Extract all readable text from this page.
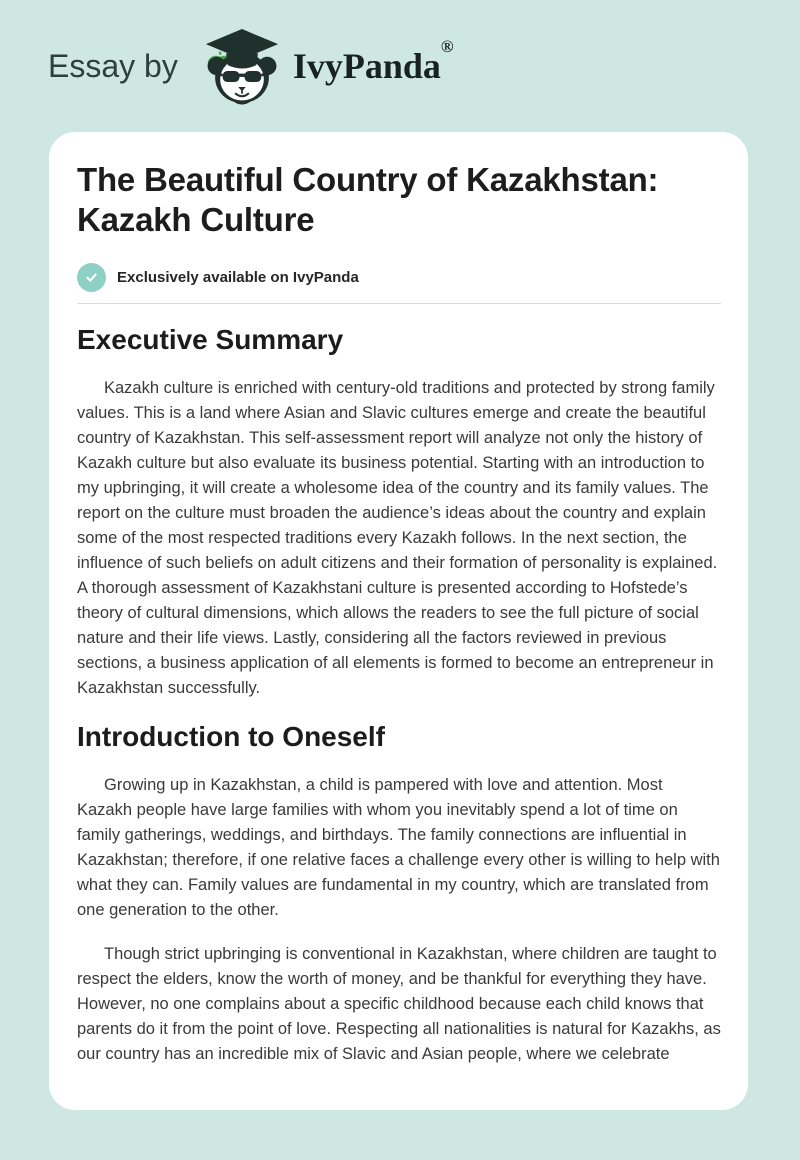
Essay by	IvyPanda®
The Beautiful Country of Kazakhstan: Kazakh Culture
Exclusively available on IvyPanda
Executive Summary

Kazakh culture is enriched with century-old traditions and protected by strong family values. This is a land where Asian and Slavic cultures emerge and create the beautiful country of Kazakhstan. This self-assessment report will analyze not only the history of Kazakh culture but also evaluate its business potential. Starting with an introduction to my upbringing, it will create a wholesome idea of the country and its family values. The report on the culture must broaden the audience’s ideas about the country and explain some of the most respected traditions every Kazakh follows. In the next section, the influence of such beliefs on adult citizens and their formation of personality is explained. A thorough assessment of Kazakhstani culture is presented according to Hofstede’s theory of cultural dimensions, which allows the readers to see the full picture of social nature and their life views. Lastly, considering all the factors reviewed in previous sections, a business application of all elements is formed to become an entrepreneur in Kazakhstan successfully.

Introduction to Oneself

Growing up in Kazakhstan, a child is pampered with love and attention. Most Kazakh people have large families with whom you inevitably spend a lot of time on family gatherings, weddings, and birthdays. The family connections are influential in Kazakhstan; therefore, if one relative faces a challenge every other is willing to help with what they can. Family values are fundamental in my country, which are translated from one generation to the other.

Though strict upbringing is conventional in Kazakhstan, where children are taught to respect the elders, know the worth of money, and be thankful for everything they have. However, no one complains about a specific childhood because each child knows that parents do it from the point of love. Respecting all nationalities is natural for Kazakhs, as our country has an incredible mix of Slavic and Asian people, where we celebrate
